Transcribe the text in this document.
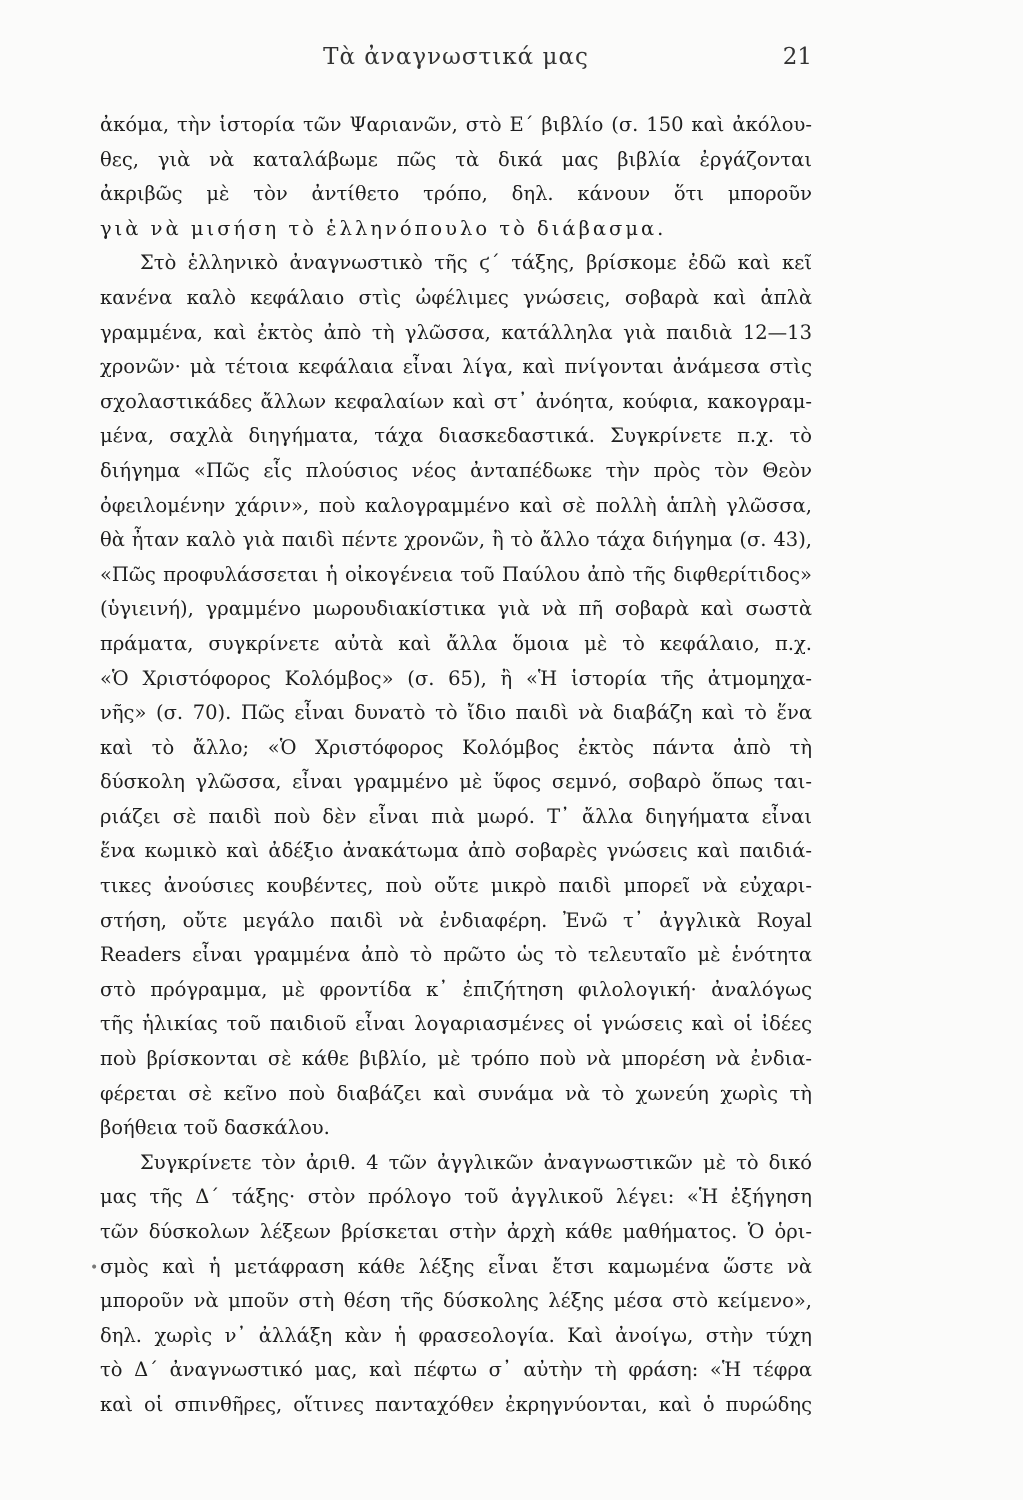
Τὰ ἀναγνωστικά μας	21
ἀκόμα, τὴν ἱστορία τῶν Ψαριανῶν, στὸ Ε΄ βιβλίο (σ. 150 καὶ ἀκόλου-
θες, γιὰ νὰ καταλάβωμε πῶς τὰ δικά μας βιβλία ἐργάζονται
ἀκριβῶς μὲ τὸν ἀντίθετο τρόπο, δηλ. κάνουν ὅτι μποροῦν
γιὰ νὰ μισήση τὸ ἑλληνόπουλο τὸ διάβασμα.
Στὸ ἑλληνικὸ ἀναγνωστικὸ τῆς ϛ΄ τάξης, βρίσκομε ἐδῶ καὶ κεῖ
κανένα καλὸ κεφάλαιο στὶς ὠφέλιμες γνώσεις, σοβαρὰ καὶ ἁπλὰ
γραμμένα, καὶ ἐκτὸς ἀπὸ τὴ γλῶσσα, κατάλληλα γιὰ παιδιὰ 12—13
χρονῶν· μὰ τέτοια κεφάλαια εἶναι λίγα, καὶ πνίγονται ἀνάμεσα στὶς
σχολαστικάδες ἄλλων κεφαλαίων καὶ στ᾿ ἀνόητα, κούφια, κακογραμ-
μένα, σαχλὰ διηγήματα, τάχα διασκεδαστικά. Συγκρίνετε π.χ. τὸ
διήγημα «Πῶς εἷς πλούσιος νέος ἀνταπέδωκε τὴν πρὸς τὸν Θεὸν
ὀφειλομένην χάριν», ποὺ καλογραμμένο καὶ σὲ πολλὴ ἁπλὴ γλῶσσα,
θὰ ἦταν καλὸ γιὰ παιδὶ πέντε χρονῶν, ἢ τὸ ἄλλο τάχα διήγημα (σ. 43),
«Πῶς προφυλάσσεται ἡ οἰκογένεια τοῦ Παύλου ἀπὸ τῆς διφθερίτιδος»
(ὑγιεινή), γραμμένο μωρουδιακίστικα γιὰ νὰ πῆ σοβαρὰ καὶ σωστὰ
πράματα, συγκρίνετε αὐτὰ καὶ ἄλλα ὅμοια μὲ τὸ κεφάλαιο, π.χ.
«Ὁ Χριστόφορος Κολόμβος» (σ. 65), ἢ «Ἡ ἱστορία τῆς ἀτμομηχα-
νῆς» (σ. 70). Πῶς εἶναι δυνατὸ τὸ ἴδιο παιδὶ νὰ διαβάζη καὶ τὸ ἕνα
καὶ τὸ ἄλλο; «Ὁ Χριστόφορος Κολόμβος ἐκτὸς πάντα ἀπὸ τὴ
δύσκολη γλῶσσα, εἶναι γραμμένο μὲ ὕφος σεμνό, σοβαρὸ ὅπως ται-
ριάζει σὲ παιδὶ ποὺ δὲν εἶναι πιὰ μωρό. Τ᾿ ἄλλα διηγήματα εἶναι
ἕνα κωμικὸ καὶ ἀδέξιο ἀνακάτωμα ἀπὸ σοβαρὲς γνώσεις καὶ παιδιά-
τικες ἀνούσιες κουβέντες, ποὺ οὔτε μικρὸ παιδὶ μπορεῖ νὰ εὐχαρι-
στήση, οὔτε μεγάλο παιδὶ νὰ ἐνδιαφέρη. Ἐνῶ τ᾿ ἀγγλικὰ Royal
Readers εἶναι γραμμένα ἀπὸ τὸ πρῶτο ὡς τὸ τελευταῖο μὲ ἑνότητα
στὸ πρόγραμμα, μὲ φροντίδα κ᾿ ἐπιζήτηση φιλολογική· ἀναλόγως
τῆς ἡλικίας τοῦ παιδιοῦ εἶναι λογαριασμένες οἱ γνώσεις καὶ οἱ ἰδέες
ποὺ βρίσκονται σὲ κάθε βιβλίο, μὲ τρόπο ποὺ νὰ μπορέση νὰ ἐνδια-
φέρεται σὲ κεῖνο ποὺ διαβάζει καὶ συνάμα νὰ τὸ χωνεύη χωρὶς τὴ
βοήθεια τοῦ δασκάλου.
Συγκρίνετε τὸν ἀριθ. 4 τῶν ἀγγλικῶν ἀναγνωστικῶν μὲ τὸ δικό
μας τῆς Δ΄ τάξης· στὸν πρόλογο τοῦ ἀγγλικοῦ λέγει: «Ἡ ἐξήγηση
τῶν δύσκολων λέξεων βρίσκεται στὴν ἀρχὴ κάθε μαθήματος. Ὁ ὁρι-
σμὸς καὶ ἡ μετάφραση κάθε λέξης εἶναι ἔτσι καμωμένα ὥστε νὰ
μποροῦν νὰ μποῦν στὴ θέση τῆς δύσκολης λέξης μέσα στὸ κείμενο»,
δηλ. χωρὶς ν᾿ ἀλλάξη κὰν ἡ φρασεολογία. Καὶ ἀνοίγω, στὴν τύχη
τὸ Δ΄ ἀναγνωστικό μας, καὶ πέφτω σ᾿ αὐτὴν τὴ φράση: «Ἡ τέφρα
καὶ οἱ σπινθῆρες, οἵτινες πανταχόθεν ἐκρηγνύονται, καὶ ὁ πυρώδης
•
